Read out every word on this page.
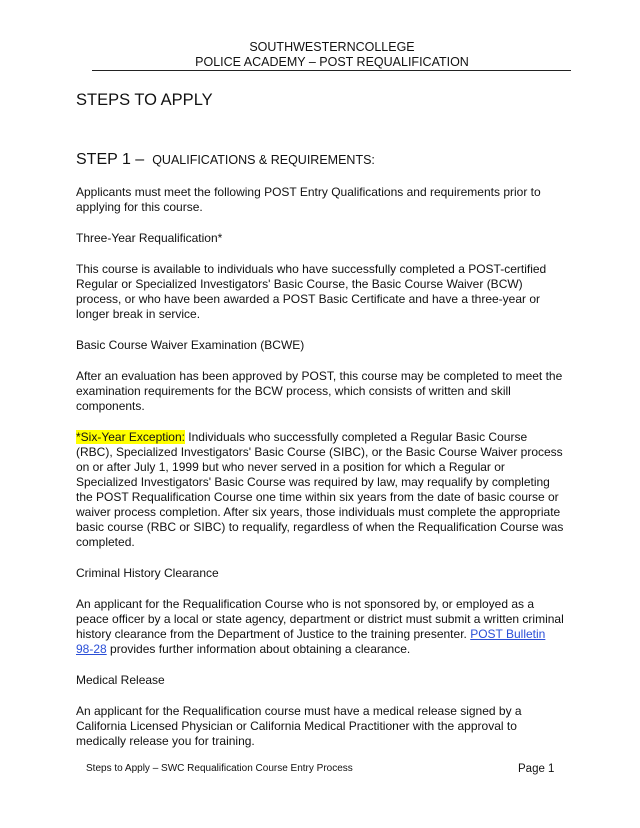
SOUTHWESTERNCOLLEGE
POLICE ACADEMY – POST REQUALIFICATION
STEPS TO APPLY
STEP 1 – QUALIFICATIONS & REQUIREMENTS:

Applicants must meet the following POST Entry Qualifications and requirements prior to applying for this course.

Three-Year Requalification*

This course is available to individuals who have successfully completed a POST-certified Regular or Specialized Investigators' Basic Course, the Basic Course Waiver (BCW) process, or who have been awarded a POST Basic Certificate and have a three-year or longer break in service.

Basic Course Waiver Examination (BCWE)

After an evaluation has been approved by POST, this course may be completed to meet the examination requirements for the BCW process, which consists of written and skill components.

*Six-Year Exception: Individuals who successfully completed a Regular Basic Course (RBC), Specialized Investigators' Basic Course (SIBC), or the Basic Course Waiver process on or after July 1, 1999 but who never served in a position for which a Regular or Specialized Investigators' Basic Course was required by law, may requalify by completing the POST Requalification Course one time within six years from the date of basic course or waiver process completion. After six years, those individuals must complete the appropriate basic course (RBC or SIBC) to requalify, regardless of when the Requalification Course was completed.

Criminal History Clearance

An applicant for the Requalification Course who is not sponsored by, or employed as a peace officer by a local or state agency, department or district must submit a written criminal history clearance from the Department of Justice to the training presenter. POST Bulletin 98-28 provides further information about obtaining a clearance.

Medical Release

An applicant for the Requalification course must have a medical release signed by a California Licensed Physician or California Medical Practitioner with the approval to medically release you for training.

Steps to Apply – SWC Requalification Course Entry Process	Page 1
